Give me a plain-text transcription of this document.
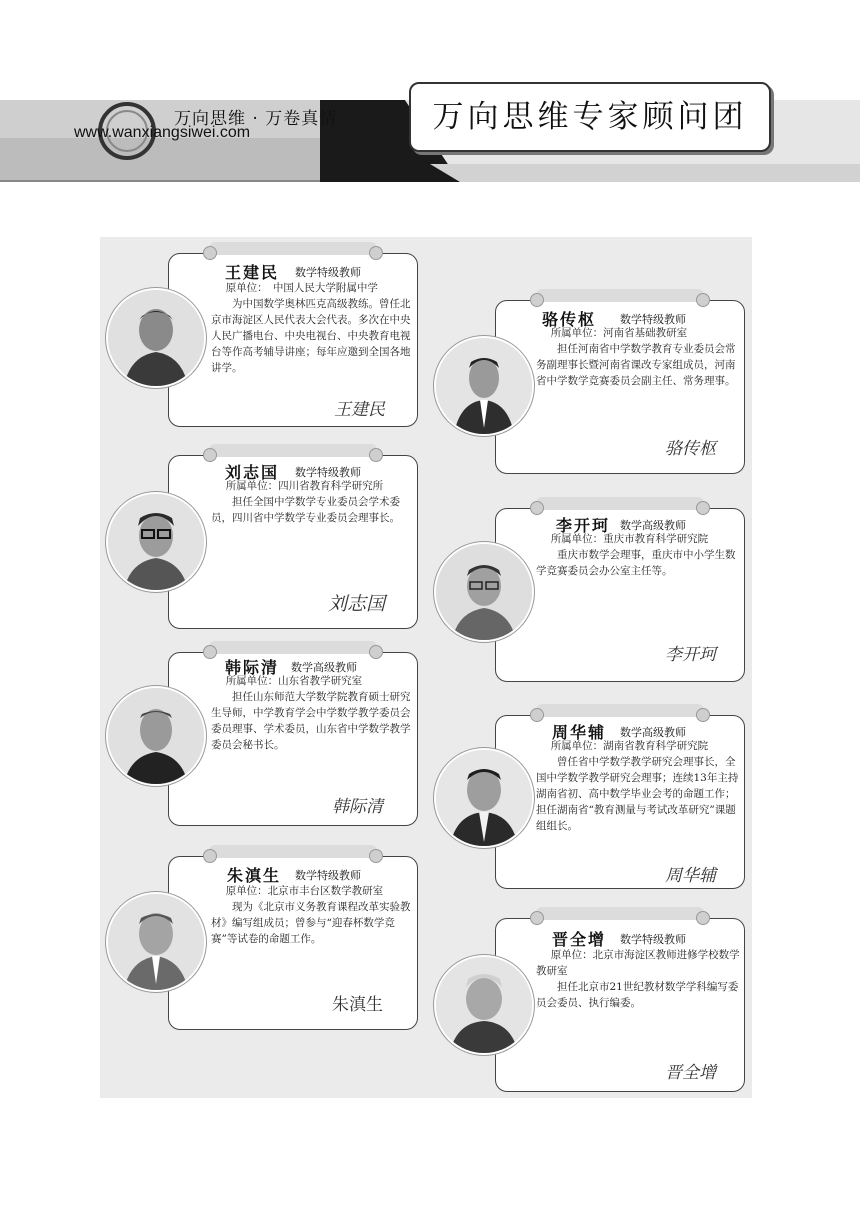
万向思维 · 万卷真情
www.wanxiangsiwei.com	万向思维专家顾问团
王建民 数学特级教师

原单位：　中国人民大学附属中学

为中国数学奥林匹克高级教练。曾任北京市海淀区人民代表大会代表。多次在中央人民广播电台、中央电视台、中央教育电视台等作高考辅导讲座；每年应邀到全国各地讲学。

王建民
骆传枢 数学特级教师

所属单位：河南省基础教研室

担任河南省中学数学教育专业委员会常务副理事长暨河南省课改专家组成员，河南省中学数学竞赛委员会副主任、常务理事。

骆传枢
刘志国 数学特级教师

所属单位：四川省教育科学研究所

担任全国中学数学专业委员会学术委员，四川省中学数学专业委员会理事长。

刘志国
李开珂 数学高级教师

所属单位：重庆市教育科学研究院

重庆市数学会理事，重庆市中小学生数学竞赛委员会办公室主任等。

李开珂
韩际清 数学高级教师

所属单位：山东省教学研究室

担任山东师范大学数学院教育硕士研究生导师，中学教育学会中学数学教学委员会委员理事、学术委员，山东省中学数学教学委员会秘书长。

韩际清
周华辅 数学高级教师

所属单位：湖南省教育科学研究院

曾任省中学数学教学研究会理事长，全国中学数学教学研究会理事；连续13年主持湖南省初、高中数学毕业会考的命题工作；担任湖南省“教育测量与考试改革研究”课题组组长。

周华辅
朱滇生 数学特级教师

原单位：北京市丰台区数学教研室

现为《北京市义务教育课程改革实验教材》编写组成员；曾参与“迎春杯数学竞赛”等试卷的命题工作。

朱滇生
晋全增 数学特级教师

原单位：北京市海淀区教师进修学校数学教研室

担任北京市21世纪教材数学学科编写委员会委员、执行编委。

晋全增
